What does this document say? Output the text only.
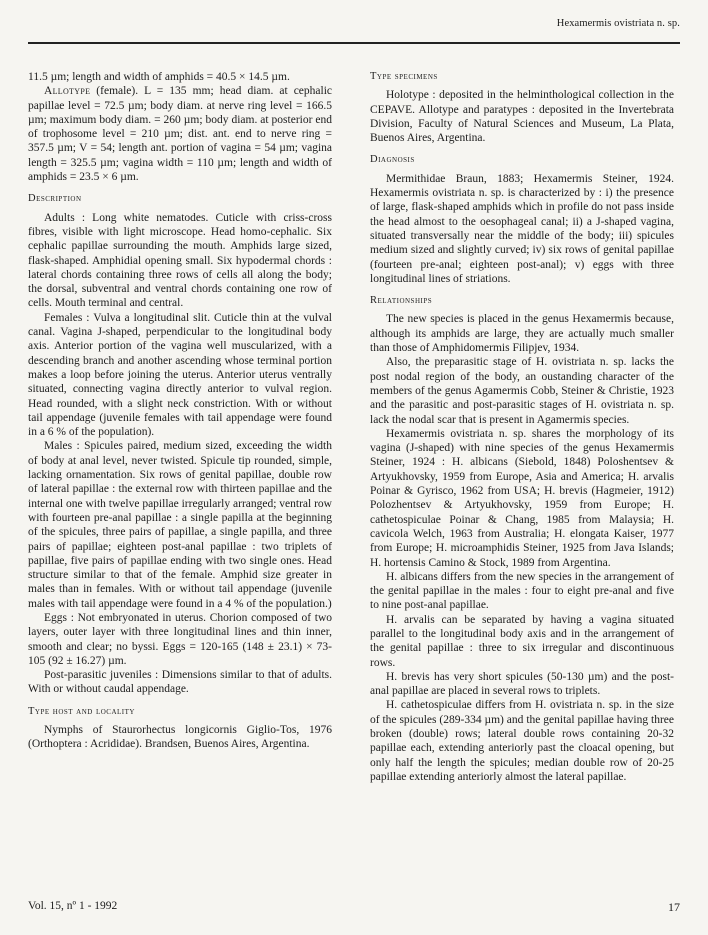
Hexamermis ovistriata n. sp.

11.5 µm; length and width of amphids = 40.5 × 14.5 µm.

Allotype (female). L = 135 mm; head diam. at cephalic papillae level = 72.5 µm; body diam. at nerve ring level = 166.5 µm; maximum body diam. = 260 µm; body diam. at posterior end of trophosome level = 210 µm; dist. ant. end to nerve ring = 357.5 µm; V = 54; length ant. portion of vagina = 54 µm; vagina length = 325.5 µm; vagina width = 110 µm; length and width of amphids = 23.5 × 6 µm.

Description

Adults : Long white nematodes. Cuticle with criss-cross fibres, visible with light microscope. Head homo-cephalic. Six cephalic papillae surrounding the mouth. Amphids large sized, flask-shaped. Amphidial opening small. Six hypodermal chords : lateral chords containing three rows of cells all along the body; the dorsal, subventral and ventral chords containing one row of cells. Mouth terminal and central.

Females : Vulva a longitudinal slit. Cuticle thin at the vulval canal. Vagina J-shaped, perpendicular to the longitudinal body axis. Anterior portion of the vagina well muscularized, with a descending branch and another ascending whose terminal portion makes a loop before joining the uterus. Anterior uterus ventrally situated, connecting vagina directly anterior to vulval region. Head rounded, with a slight neck constriction. With or without tail appendage (juvenile females with tail appendage were found in a 6 % of the population).

Males : Spicules paired, medium sized, exceeding the width of body at anal level, never twisted. Spicule tip rounded, simple, lacking ornamentation. Six rows of genital papillae, double row of lateral papillae : the external row with thirteen papillae and the internal one with twelve papillae irregularly arranged; ventral row with fourteen pre-anal papillae : a single papilla at the beginning of the spicules, three pairs of papillae, a single papilla, and three pairs of papillae; eighteen post-anal papillae : two triplets of papillae, five pairs of papillae ending with two single ones. Head structure similar to that of the female. Amphid size greater in males than in females. With or without tail appendage (juvenile males with tail appendage were found in a 4 % of the population.)

Eggs : Not embryonated in uterus. Chorion composed of two layers, outer layer with three longitudinal lines and thin inner, smooth and clear; no byssi. Eggs = 120-165 (148 ± 23.1) × 73-105 (92 ± 16.27) µm.

Post-parasitic juveniles : Dimensions similar to that of adults. With or without caudal appendage.

Type host and locality

Nymphs of Staurorhectus longicornis Giglio-Tos, 1976 (Orthoptera : Acrididae). Brandsen, Buenos Aires, Argentina.

Type specimens

Holotype : deposited in the helminthological collection in the CEPAVE. Allotype and paratypes : deposited in the Invertebrata Division, Faculty of Natural Sciences and Museum, La Plata, Buenos Aires, Argentina.

Diagnosis

Mermithidae Braun, 1883; Hexamermis Steiner, 1924. Hexamermis ovistriata n. sp. is characterized by : i) the presence of large, flask-shaped amphids which in profile do not pass inside the head almost to the oesophageal canal; ii) a J-shaped vagina, situated transversally near the middle of the body; iii) spicules medium sized and slightly curved; iv) six rows of genital papillae (fourteen pre-anal; eighteen post-anal); v) eggs with three longitudinal lines of striations.

Relationships

The new species is placed in the genus Hexamermis because, although its amphids are large, they are actually much smaller than those of Amphidomermis Filipjev, 1934.

Also, the preparasitic stage of H. ovistriata n. sp. lacks the post nodal region of the body, an oustanding character of the members of the genus Agamermis Cobb, Steiner & Christie, 1923 and the parasitic and post-parasitic stages of H. ovistriata n. sp. lack the nodal scar that is present in Agamermis species.

Hexamermis ovistriata n. sp. shares the morphology of its vagina (J-shaped) with nine species of the genus Hexamermis Steiner, 1924 : H. albicans (Siebold, 1848) Poloshentsev & Artyukhovsky, 1959 from Europe, Asia and America; H. arvalis Poinar & Gyrisco, 1962 from USA; H. brevis (Hagmeier, 1912) Polozhentsev & Artyukhovsky, 1959 from Europe; H. cathetospiculae Poinar & Chang, 1985 from Malaysia; H. cavicola Welch, 1963 from Australia; H. elongata Kaiser, 1977 from Europe; H. microamphidis Steiner, 1925 from Java Islands; H. hortensis Camino & Stock, 1989 from Argentina.

H. albicans differs from the new species in the arrangement of the genital papillae in the males : four to eight pre-anal and five to nine post-anal papillae.

H. arvalis can be separated by having a vagina situated parallel to the longitudinal body axis and in the arrangement of the genital papillae : three to six irregular and discontinuous rows.

H. brevis has very short spicules (50-130 µm) and the post-anal papillae are placed in several rows to triplets.

H. cathetospiculae differs from H. ovistriata n. sp. in the size of the spicules (289-334 µm) and the genital papillae having three broken (double) rows; lateral double rows containing 20-32 papillae each, extending anteriorly past the cloacal opening, but only half the length the spicules; median double row of 20-25 papillae extending anteriorly almost the lateral papillae.

Vol. 15, nº 1 - 1992	17
